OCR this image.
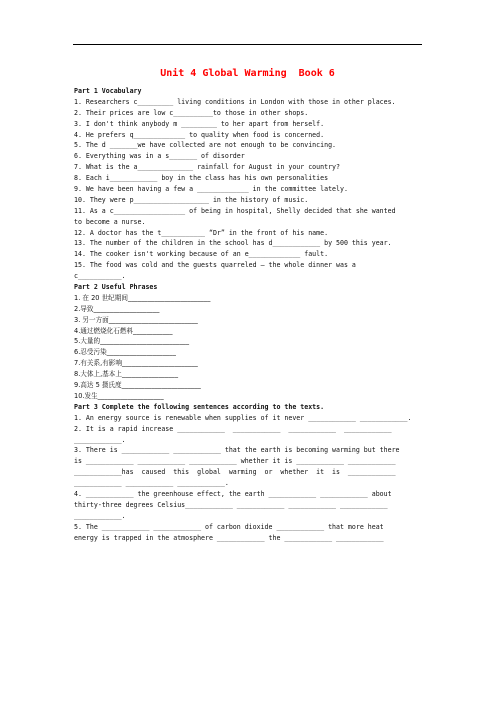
Unit 4 Global Warming  Book 6
Part 1 Vocabulary
1. Researchers c_________ living conditions in London with those in other places.
2. Their prices are low c__________to those in other shops.
3. I don't think anybody m _________ to her apart from herself.
4. He prefers q_____________ to quality when food is concerned.
5. The d _______we have collected are not enough to be convincing.
6. Everything was in a s_______ of disorder
7. What is the a______________ rainfall for August in your country?
8. Each i____________ boy in the class has his own personalities
9. We have been having a few a _____________ in the committee lately.
10. They were p___________________ in the history of music.
11. As a c__________________ of being in hospital, Shelly decided that she wanted
to become a nurse.
12. A doctor has the t___________ “Dr” in the front of his name.
13. The number of the children in the school has d____________ by 500 this year.
14. The cooker isn't working because of an e_____________ fault.
15. The food was cold and the guests quarreled — the whole dinner was a
c___________.
Part 2 Useful Phrases
1. 在 20 世纪期间_________________________
2.导致____________________
3. 另一方面___________________________
4.通过燃烧化石燃料____________
5.大量的___________________________
6.忍受污染_____________________
7.有关系,有影响_______________________
8.大体上,基本上_________________
9.高达 5 摄氏度________________________
10.发生____________________
Part 3 Complete the following sentences according to the texts.
1. An energy source is renewable when supplies of it never ____________ ____________.
2. It is a rapid increase ____________  ____________  ____________  ____________
____________.
3. There is ____________ ____________ that the earth is becoming warming but there
is ____________ ____________ ____________ whether it is ____________ ____________
____________has  caused  this  global  warming  or  whether  it  is  ____________
____________ ____________ ____________.
4. ____________ the greenhouse effect, the earth ____________ ____________ about
thirty-three degrees Celsius____________ ____________ ____________ ____________
____________.
5. The ____________ ____________ of carbon dioxide ____________ that more heat
energy is trapped in the atmosphere ____________ the ____________ ____________
